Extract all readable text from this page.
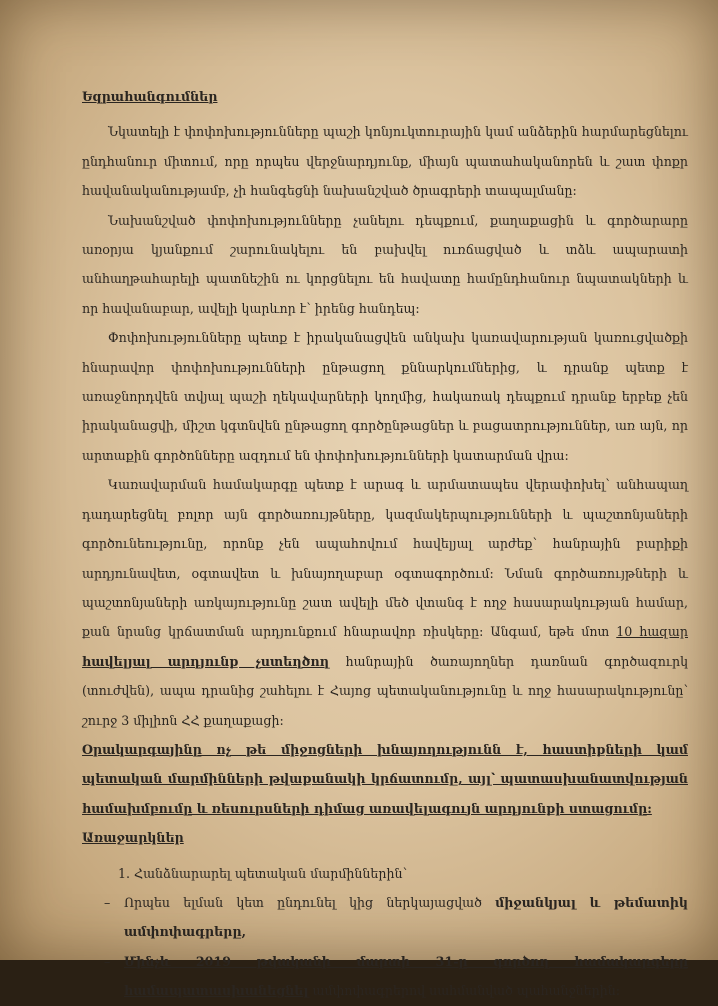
Եզրահանգումներ

Նկատելի է փոփոխությունները պաշի կոնյուկտուրային կամ անձերին հարմարեցնելու ընդհանուր միտում, որը որպես վերջնարդյունք, միայն պատահականորեն և շատ փոքր հավանականությամբ, չի հանգեցնի նախանշված ծրագրերի տապալմանը:

Նախանշված փոփոխությունները չանելու դեպքում, քաղաքացին և գործարարը առօրյա կյանքում շարունակելու են բախվել ուռճացված և տձև ապարատի անհաղթահարելի պատնեշին ու կորցնելու են հավատը համընդհանուր նպատակների և որ հավանաբար, ավելի կարևոր է՝ իրենց հանդեպ:

Փոփոխությունները պետք է իրականացվեն անկախ կառավարության կառուցվածքի հնարավոր փոփոխությունների ընթացող քննարկումներից, և դրանք պետք է առաջնորդվեն տվյալ պաշի ղեկավարների կողմից, հակառակ դեպքում դրանք երբեք չեն իրականացվի, միշտ կգտնվեն ընթացող գործընթացներ և բացատրություններ, առ այն, որ արտաքին գործոնները ազդում են փոփոխությունների կատարման վրա:

Կառավարման համակարգը պետք է արագ և արմատապես վերափոխել՝ անհապաղ դադարեցնել բոլոր այն գործառույթները, կազմակերպությունների և պաշտոնյաների գործունեությունը, որոնք չեն ապահովում հավելյալ արժեք՝ հանրային բարիքի արդյունավետ, օգտավետ և խնայողաբար օգտագործում: Նման գործառույթների և պաշտոնյաների առկայությունը շատ ավելի մեծ վտանգ է ողջ հասարակության համար, քան նրանց կրճատման արդյունքում հնարավոր ռիսկերը: Անգամ, եթե մոտ 10 հազար հավելյալ արդյունք չստեղծող հանրային ծառայողներ դառնան գործազուրկ (տուժվեն), ապա դրանից շահելու է Հայոց պետականությունը և ողջ հասարակությունը՝ շուրջ 3 միլիոն ՀՀ քաղաքացի:

Օրակարգայինը ոչ թե միջոցների խնայողությունն է, հաստիքների կամ պետական մարմինների թվաքանակի կրճատումը, այլ՝ պատասխանատվության համախմբումը և ռեսուրսների դիմաց առավելագույն արդյունքի ստացումը:

Առաջարկներ
1. Հանձնարարել պետական մարմիններին՝
– Որպես ելման կետ ընդունել կից ներկայացված միջանկյալ և թեմատիկ ամփոփագրերը,
– Մինչև 2019 թվականի մարտի 31-ը գործող համակարգերը համապատասխանեցնել ամփոփագրերով սահմանված պահանջներին:
